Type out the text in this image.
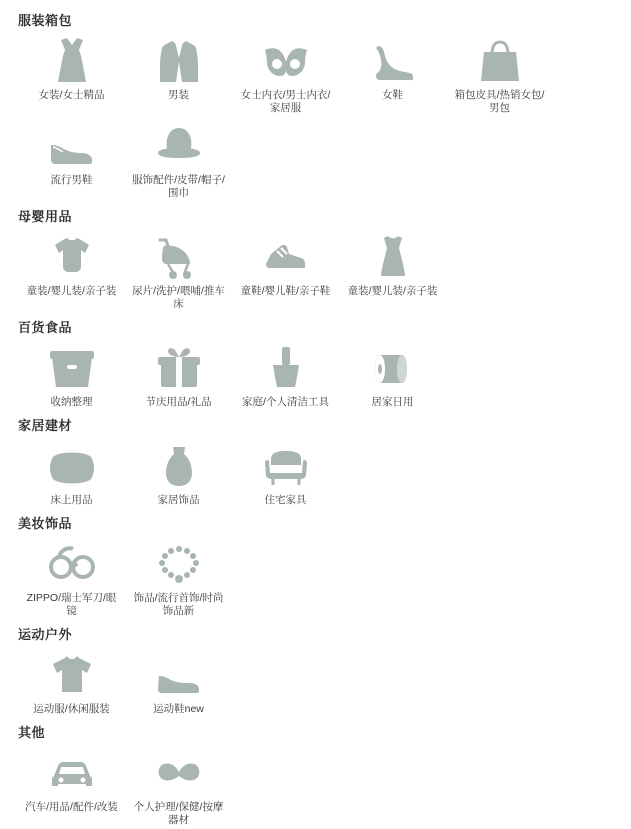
服装箱包
女装/女士精品	男装	女士内衣/男士内衣/家居服
女鞋	箱包皮具/热销女包/男包
流行男鞋	服饰配件/皮带/帽子/围巾
母婴用品
童装/婴儿装/亲子装	尿片/洗护/喂哺/推车床
童鞋/婴儿鞋/亲子鞋	童装/婴儿装/亲子装
百货食品
收纳整理	节庆用品/礼品	家庭/个人清洁工具	居家日用
家居建材
床上用品	家居饰品	住宅家具
美妆饰品
ZIPPO/瑞士军刀/眼镜
饰品/流行首饰/时尚饰品新
运动户外
运动服/休闲服装	运动鞋new
其他
汽车/用品/配件/改装	个人护理/保健/按摩器材
